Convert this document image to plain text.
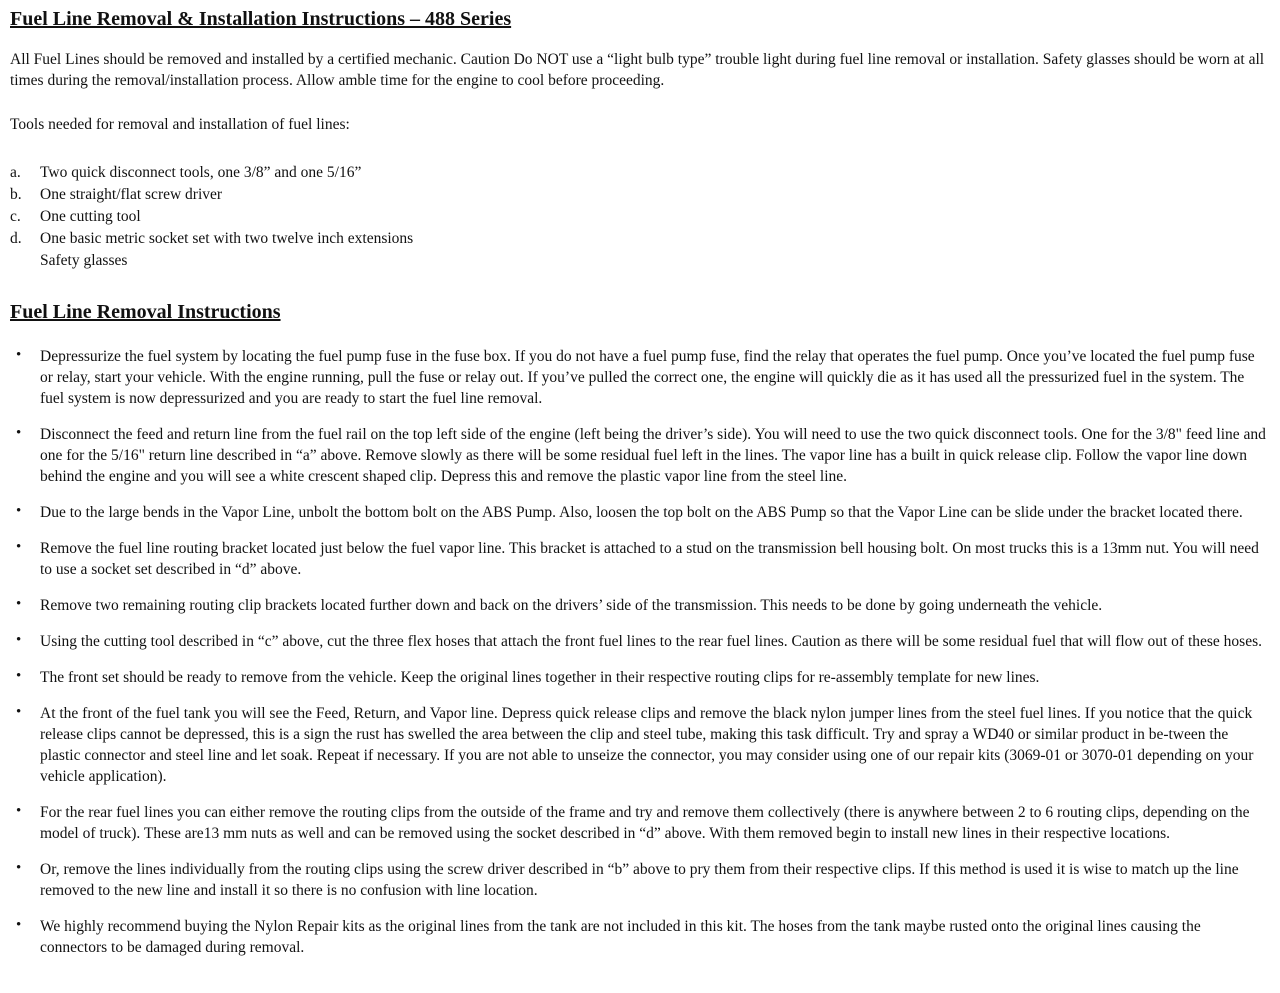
Fuel Line Removal & Installation Instructions – 488 Series

All Fuel Lines should be removed and installed by a certified mechanic. Caution Do NOT use a “light bulb type” trouble light during fuel line removal or installation. Safety glasses should be worn at all times during the removal/installation process. Allow amble time for the engine to cool before proceeding.

Tools needed for removal and installation of fuel lines:

a. Two quick disconnect tools, one 3/8” and one 5/16”
b. One straight/flat screw driver
c. One cutting tool
d. One basic metric socket set with two twelve inch extensions
Safety glasses
Fuel Line Removal Instructions
• Depressurize the fuel system by locating the fuel pump fuse in the fuse box. If you do not have a fuel pump fuse, find the relay that operates the fuel pump. Once you’ve located the fuel pump fuse or relay, start your vehicle. With the engine running, pull the fuse or relay out. If you’ve pulled the correct one, the engine will quickly die as it has used all the pressurized fuel in the system. The fuel system is now depressurized and you are ready to start the fuel line removal.
• Disconnect the feed and return line from the fuel rail on the top left side of the engine (left being the driver’s side). You will need to use the two quick disconnect tools. One for the 3/8" feed line and one for the 5/16" return line described in “a” above. Remove slowly as there will be some residual fuel left in the lines. The vapor line has a built in quick release clip. Follow the vapor line down behind the engine and you will see a white crescent shaped clip. Depress this and remove the plastic vapor line from the steel line.
• Due to the large bends in the Vapor Line, unbolt the bottom bolt on the ABS Pump. Also, loosen the top bolt on the ABS Pump so that the Vapor Line can be slide under the bracket located there.
• Remove the fuel line routing bracket located just below the fuel vapor line. This bracket is attached to a stud on the transmission bell housing bolt. On most trucks this is a 13mm nut. You will need to use a socket set described in “d” above.
• Remove two remaining routing clip brackets located further down and back on the drivers’ side of the transmission. This needs to be done by going underneath the vehicle.
• Using the cutting tool described in “c” above, cut the three flex hoses that attach the front fuel lines to the rear fuel lines. Caution as there will be some residual fuel that will flow out of these hoses.
• The front set should be ready to remove from the vehicle. Keep the original lines together in their respective routing clips for re-assembly template for new lines.
• At the front of the fuel tank you will see the Feed, Return, and Vapor line. Depress quick release clips and remove the black nylon jumper lines from the steel fuel lines. If you notice that the quick release clips cannot be depressed, this is a sign the rust has swelled the area between the clip and steel tube, making this task difficult. Try and spray a WD40 or similar product in be-tween the plastic connector and steel line and let soak. Repeat if necessary. If you are not able to unseize the connector, you may consider using one of our repair kits (3069-01 or 3070-01 depending on your vehicle application).
• For the rear fuel lines you can either remove the routing clips from the outside of the frame and try and remove them collectively (there is anywhere between 2 to 6 routing clips, depending on the model of truck). These are13 mm nuts as well and can be removed using the socket described in “d” above. With them removed begin to install new lines in their respective locations.
• Or, remove the lines individually from the routing clips using the screw driver described in “b” above to pry them from their respective clips. If this method is used it is wise to match up the line removed to the new line and install it so there is no confusion with line location.
• We highly recommend buying the Nylon Repair kits as the original lines from the tank are not included in this kit. The hoses from the tank maybe rusted onto the original lines causing the connectors to be damaged during removal.
